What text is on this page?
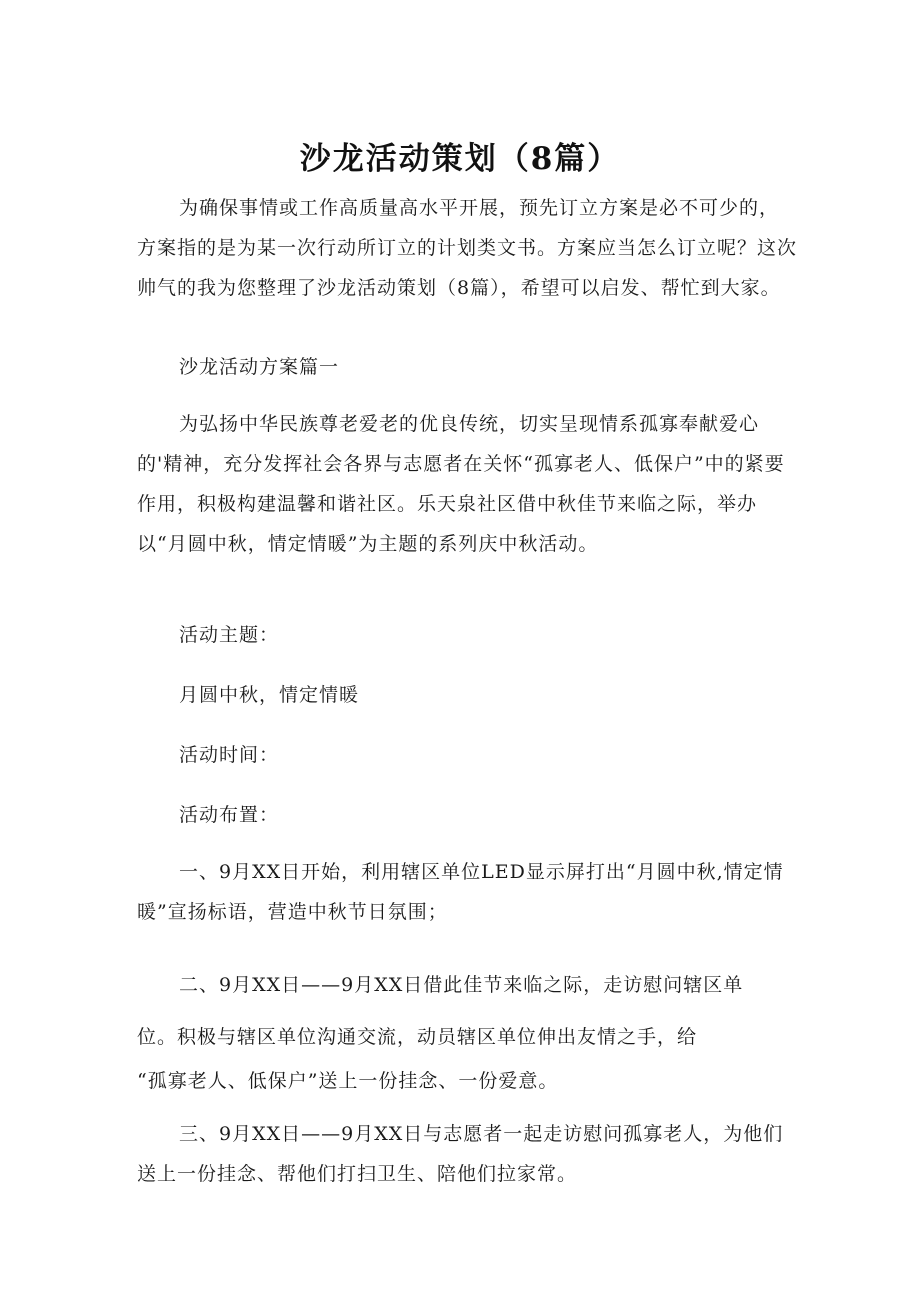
沙龙活动策划（8篇）

为确保事情或工作高质量高水平开展，预先订立方案是必不可少的，方案指的是为某一次行动所订立的计划类文书。方案应当怎么订立呢？这次帅气的我为您整理了沙龙活动策划（8篇），希望可以启发、帮忙到大家。

沙龙活动方案篇一

为弘扬中华民族尊老爱老的优良传统，切实呈现情系孤寡奉献爱心的'精神，充分发挥社会各界与志愿者在关怀“孤寡老人、低保户”中的紧要作用，积极构建温馨和谐社区。乐天泉社区借中秋佳节来临之际，举办以“月圆中秋，情定情暖”为主题的系列庆中秋活动。

活动主题：

月圆中秋，情定情暖

活动时间：

活动布置：

一、9月XX日开始，利用辖区单位LED显示屏打出“月圆中秋,情定情暖”宣扬标语，营造中秋节日氛围；

二、9月XX日——9月XX日借此佳节来临之际，走访慰问辖区单

位。积极与辖区单位沟通交流，动员辖区单位伸出友情之手，给

“孤寡老人、低保户”送上一份挂念、一份爱意。

三、9月XX日——9月XX日与志愿者一起走访慰问孤寡老人，为他们送上一份挂念、帮他们打扫卫生、陪他们拉家常。
